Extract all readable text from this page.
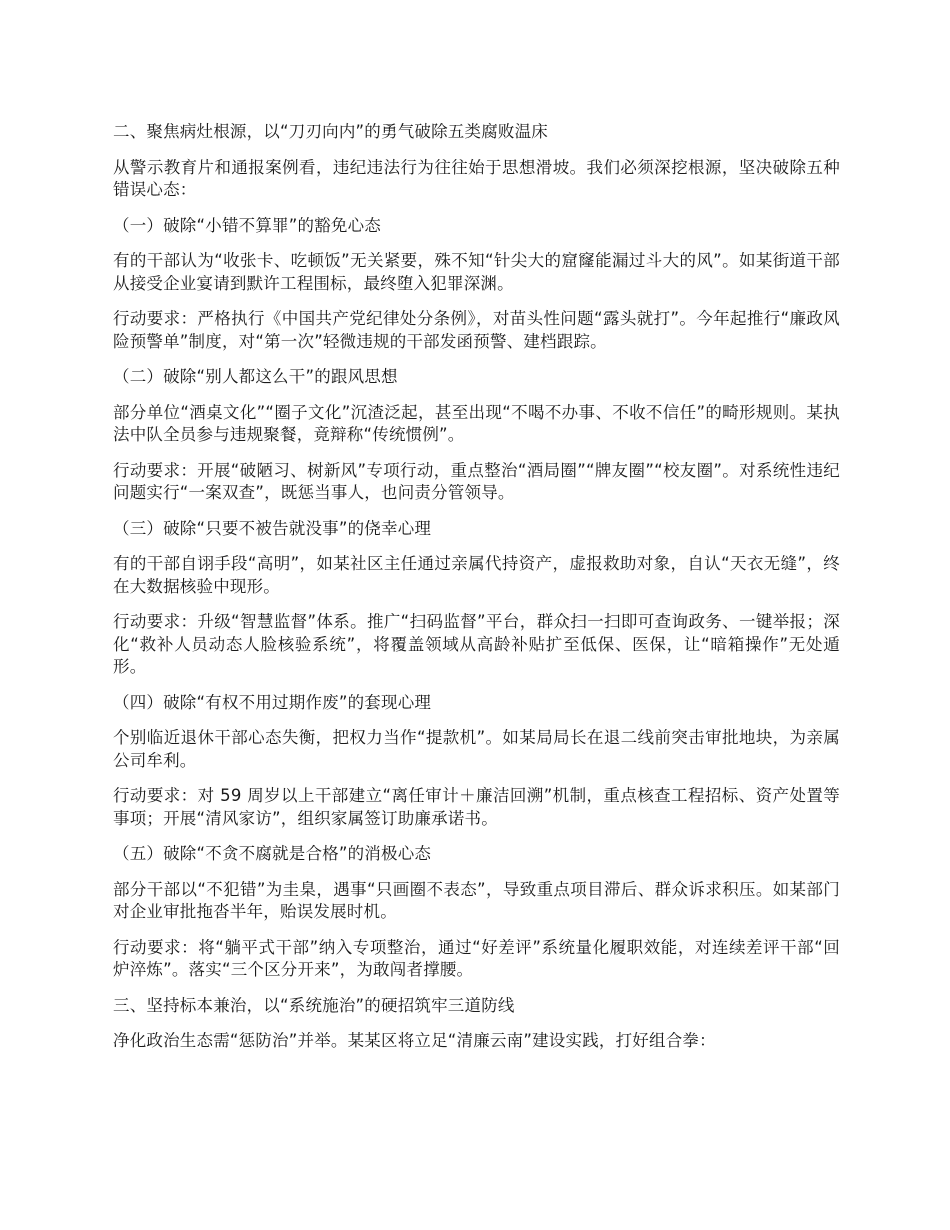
二、聚焦病灶根源，以“刀刃向内”的勇气破除五类腐败温床

从警示教育片和通报案例看，违纪违法行为往往始于思想滑坡。我们必须深挖根源，坚决破除五种错误心态：

（一）破除“小错不算罪”的豁免心态

有的干部认为“收张卡、吃顿饭”无关紧要，殊不知“针尖大的窟窿能漏过斗大的风”。如某街道干部从接受企业宴请到默许工程围标，最终堕入犯罪深渊。

行动要求：严格执行《中国共产党纪律处分条例》，对苗头性问题“露头就打”。今年起推行“廉政风险预警单”制度，对“第一次”轻微违规的干部发函预警、建档跟踪。

（二）破除“别人都这么干”的跟风思想

部分单位“酒桌文化”“圈子文化”沉渣泛起，甚至出现“不喝不办事、不收不信任”的畸形规则。某执法中队全员参与违规聚餐，竟辩称“传统惯例”。

行动要求：开展“破陋习、树新风”专项行动，重点整治“酒局圈”“牌友圈”“校友圈”。对系统性违纪问题实行“一案双查”，既惩当事人，也问责分管领导。

（三）破除“只要不被告就没事”的侥幸心理

有的干部自诩手段“高明”，如某社区主任通过亲属代持资产，虚报救助对象，自认“天衣无缝”，终在大数据核验中现形。

行动要求：升级“智慧监督”体系。推广“扫码监督”平台，群众扫一扫即可查询政务、一键举报；深化“救补人员动态人脸核验系统”，将覆盖领域从高龄补贴扩至低保、医保，让“暗箱操作”无处遁形。

（四）破除“有权不用过期作废”的套现心理

个别临近退休干部心态失衡，把权力当作“提款机”。如某局局长在退二线前突击审批地块，为亲属公司牟利。

行动要求：对 59 周岁以上干部建立“离任审计＋廉洁回溯”机制，重点核查工程招标、资产处置等事项；开展“清风家访”，组织家属签订助廉承诺书。

（五）破除“不贪不腐就是合格”的消极心态

部分干部以“不犯错”为圭臬，遇事“只画圈不表态”，导致重点项目滞后、群众诉求积压。如某部门对企业审批拖沓半年，贻误发展时机。

行动要求：将“躺平式干部”纳入专项整治，通过“好差评”系统量化履职效能，对连续差评干部“回炉淬炼”。落实“三个区分开来”，为敢闯者撑腰。

三、坚持标本兼治，以“系统施治”的硬招筑牢三道防线

净化政治生态需“惩防治”并举。某某区将立足“清廉云南”建设实践，打好组合拳：
